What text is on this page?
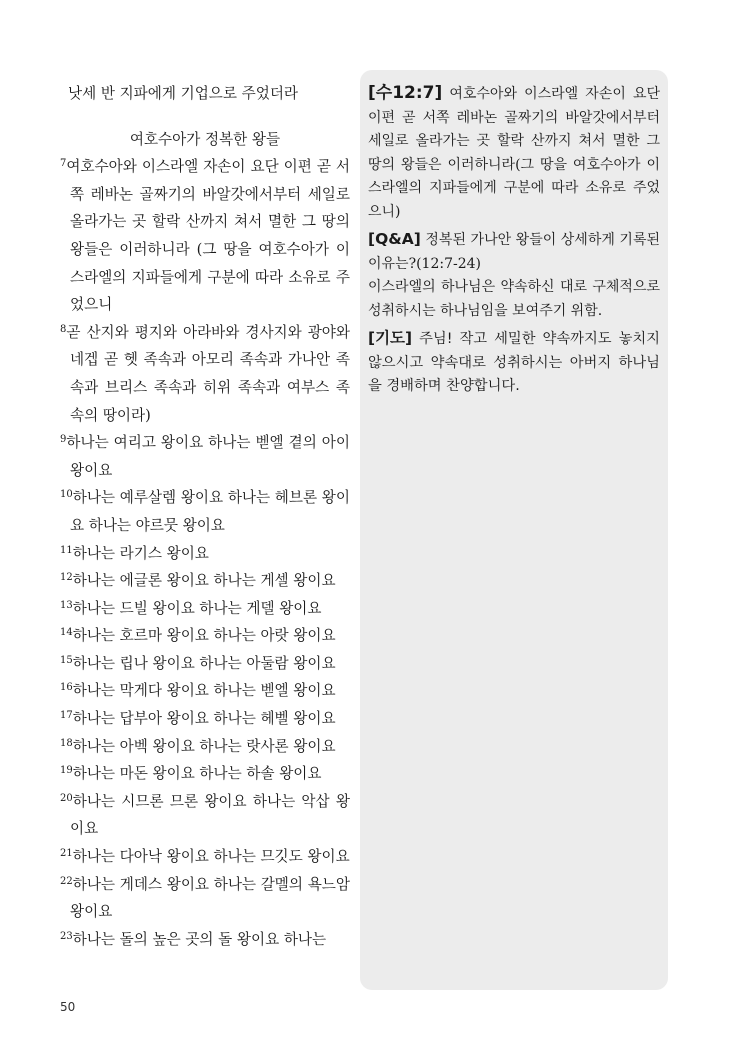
낫세 반 지파에게 기업으로 주었더라
여호수아가 정복한 왕들
$^7$여호수아와 이스라엘 자손이 요단 이편 곧 서쪽 레바논 골짜기의 바알갓에서부터 세일로 올라가는 곳 할락 산까지 쳐서 멸한 그 땅의 왕들은 이러하니라 (그 땅을 여호수아가 이스라엘의 지파들에게 구분에 따라 소유로 주었으니
$^8$곧 산지와 평지와 아라바와 경사지와 광야와 네겝 곧 헷 족속과 아모리 족속과 가나안 족속과 브리스 족속과 히위 족속과 여부스 족속의 땅이라)
$^9$하나는 여리고 왕이요 하나는 벧엘 곁의 아이 왕이요
$^{10}$하나는 예루살렘 왕이요 하나는 헤브론 왕이요 하나는 야르뭇 왕이요
$^{11}$하나는 라기스 왕이요
$^{12}$하나는 에글론 왕이요 하나는 게셀 왕이요
$^{13}$하나는 드빌 왕이요 하나는 게델 왕이요
$^{14}$하나는 호르마 왕이요 하나는 아랏 왕이요
$^{15}$하나는 립나 왕이요 하나는 아둘람 왕이요
$^{16}$하나는 막게다 왕이요 하나는 벧엘 왕이요
$^{17}$하나는 답부아 왕이요 하나는 헤벨 왕이요
$^{18}$하나는 아벡 왕이요 하나는 랏사론 왕이요
$^{19}$하나는 마돈 왕이요 하나는 하솔 왕이요
$^{20}$하나는 시므론 므론 왕이요 하나는 악삽 왕이요
$^{21}$하나는 다아낙 왕이요 하나는 므깃도 왕이요
$^{22}$하나는 게데스 왕이요 하나는 갈멜의 욕느암 왕이요
$^{23}$하나는 돌의 높은 곳의 돌 왕이요 하나는
[수12:7] 여호수아와 이스라엘 자손이 요단 이편 곧 서쪽 레바논 골짜기의 바알갓에서부터 세일로 올라가는 곳 할락 산까지 쳐서 멸한 그 땅의 왕들은 이러하니라(그 땅을 여호수아가 이스라엘의 지파들에게 구분에 따라 소유로 주었으니)
[Q&A] 정복된 가나안 왕들이 상세하게 기록된 이유는?(12:7-24)
이스라엘의 하나님은 약속하신 대로 구체적으로 성취하시는 하나님임을 보여주기 위함.
[기도] 주님! 작고 세밀한 약속까지도 놓치지 않으시고 약속대로 성취하시는 아버지 하나님을 경배하며 찬양합니다.
50
